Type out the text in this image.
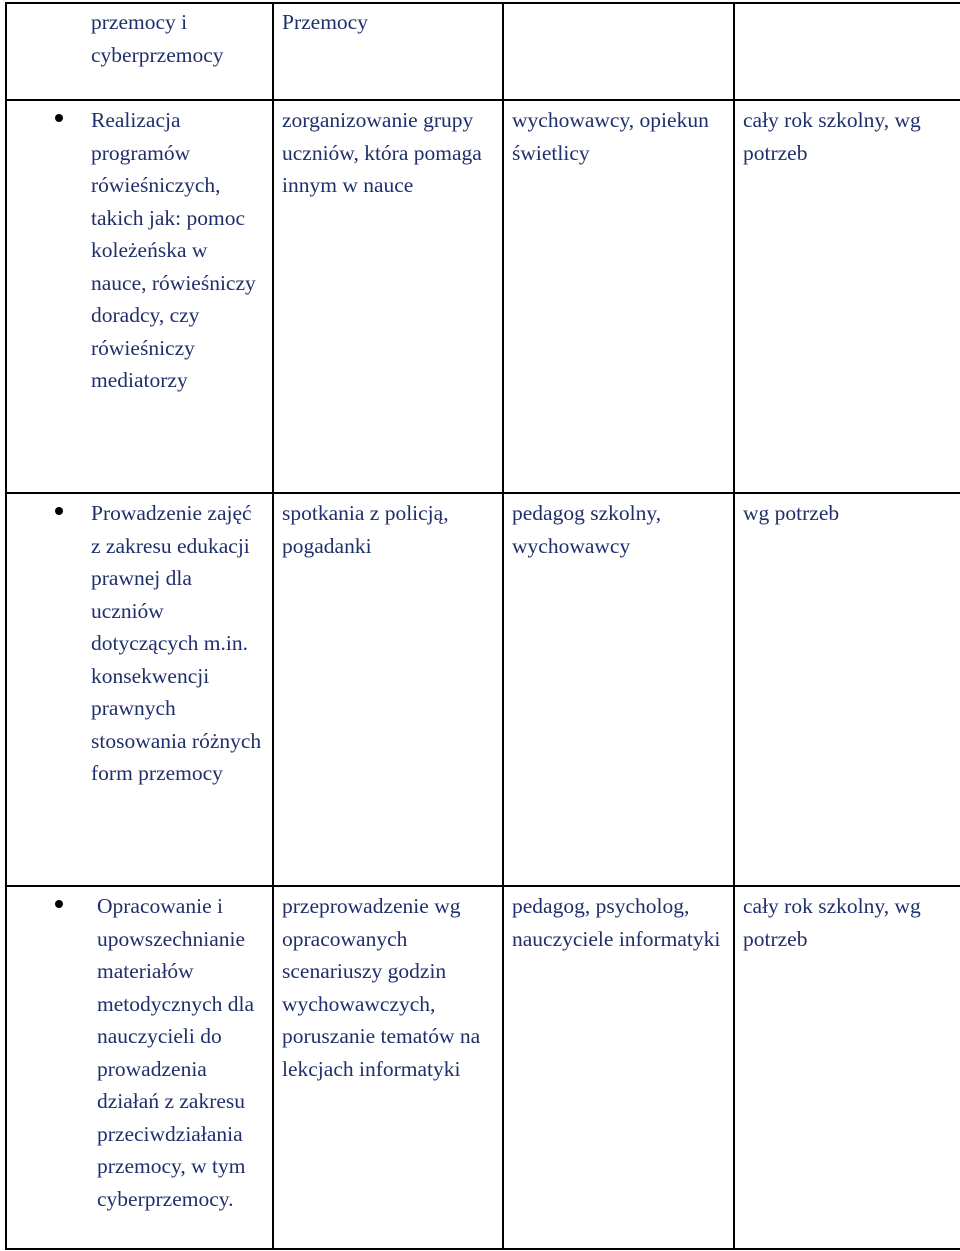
przemocy i cyberprzemocy	Przemocy		

Realizacja programów rówieśniczych, takich jak: pomoc koleżeńska w nauce, rówieśniczy doradcy, czy rówieśniczy mediatorzy	zorganizowanie grupy uczniów, która pomaga innym w nauce	wychowawcy, opiekun świetlicy	cały rok szkolny, wg potrzeb

Prowadzenie zajęć z zakresu edukacji prawnej dla uczniów dotyczących m.in. konsekwencji prawnych stosowania różnych form przemocy	spotkania z policją, pogadanki	pedagog szkolny, wychowawcy	wg potrzeb

Opracowanie i upowszechnianie materiałów metodycznych dla nauczycieli do prowadzenia działań z zakresu przeciwdziałania przemocy, w tym cyberprzemocy.	przeprowadzenie wg opracowanych scenariuszy godzin wychowawczych, poruszanie tematów na lekcjach informatyki	pedagog, psycholog, nauczyciele informatyki	cały rok szkolny, wg potrzeb
